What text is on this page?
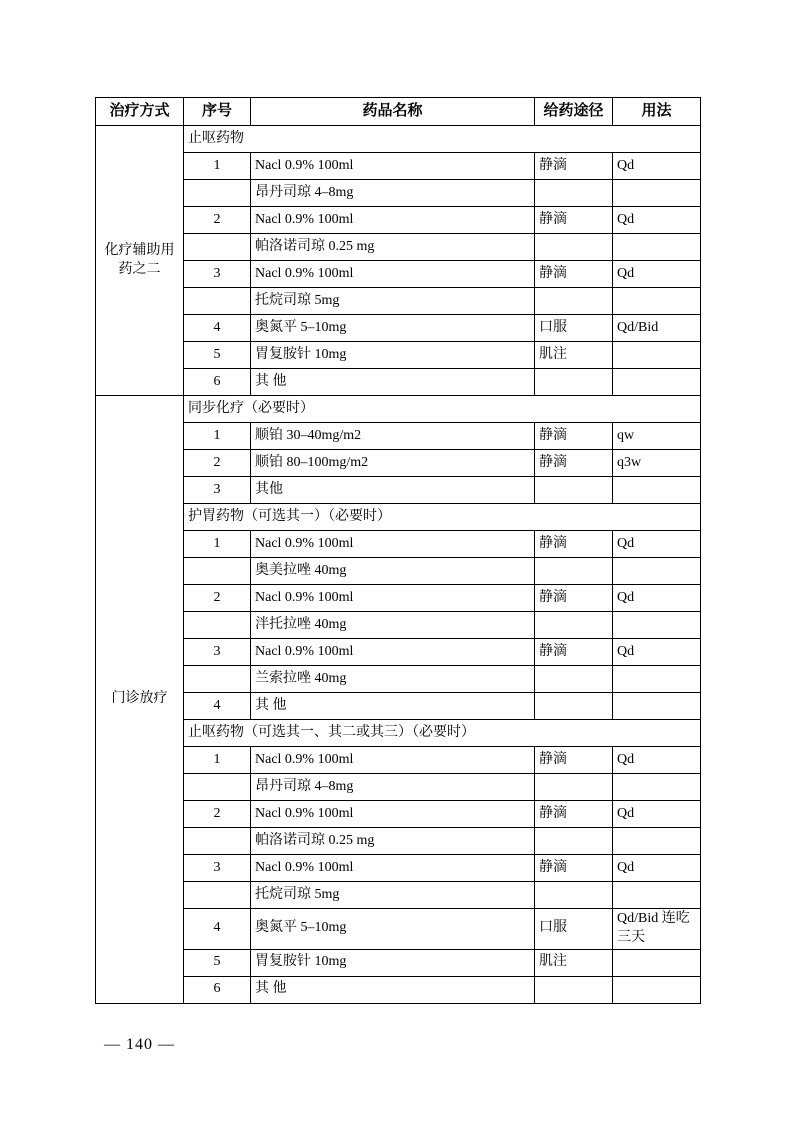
治疗方式	序号	药品名称	给药途径	用法
化疗辅助用药之二	止呕药物			
	1	Nacl 0.9% 100ml	静滴	Qd
		昂丹司琼 4–8mg		
	2	Nacl 0.9% 100ml	静滴	Qd
		帕洛诺司琼 0.25 mg		
	3	Nacl 0.9% 100ml	静滴	Qd
		托烷司琼 5mg		
	4	奥氮平 5–10mg	口服	Qd/Bid
	5	胃复胺针 10mg	肌注	
	6	其 他		
门诊放疗	同步化疗（必要时）			
	1	顺铂 30–40mg/m2	静滴	qw
	2	顺铂 80–100mg/m2	静滴	q3w
	3	其他		
	护胃药物（可选其一）（必要时）			
	1	Nacl 0.9% 100ml	静滴	Qd
		奥美拉唑 40mg		
	2	Nacl 0.9% 100ml	静滴	Qd
		泮托拉唑 40mg		
	3	Nacl 0.9% 100ml	静滴	Qd
		兰索拉唑 40mg		
	4	其 他		
	止呕药物（可选其一、其二或其三）（必要时）			
	1	Nacl 0.9% 100ml	静滴	Qd
		昂丹司琼 4–8mg		
	2	Nacl 0.9% 100ml	静滴	Qd
		帕洛诺司琼 0.25 mg		
	3	Nacl 0.9% 100ml	静滴	Qd
		托烷司琼 5mg		
	4	奥氮平 5–10mg	口服	Qd/Bid 连吃三天
	5	胃复胺针 10mg	肌注	
	6	其 他		
— 140 —
